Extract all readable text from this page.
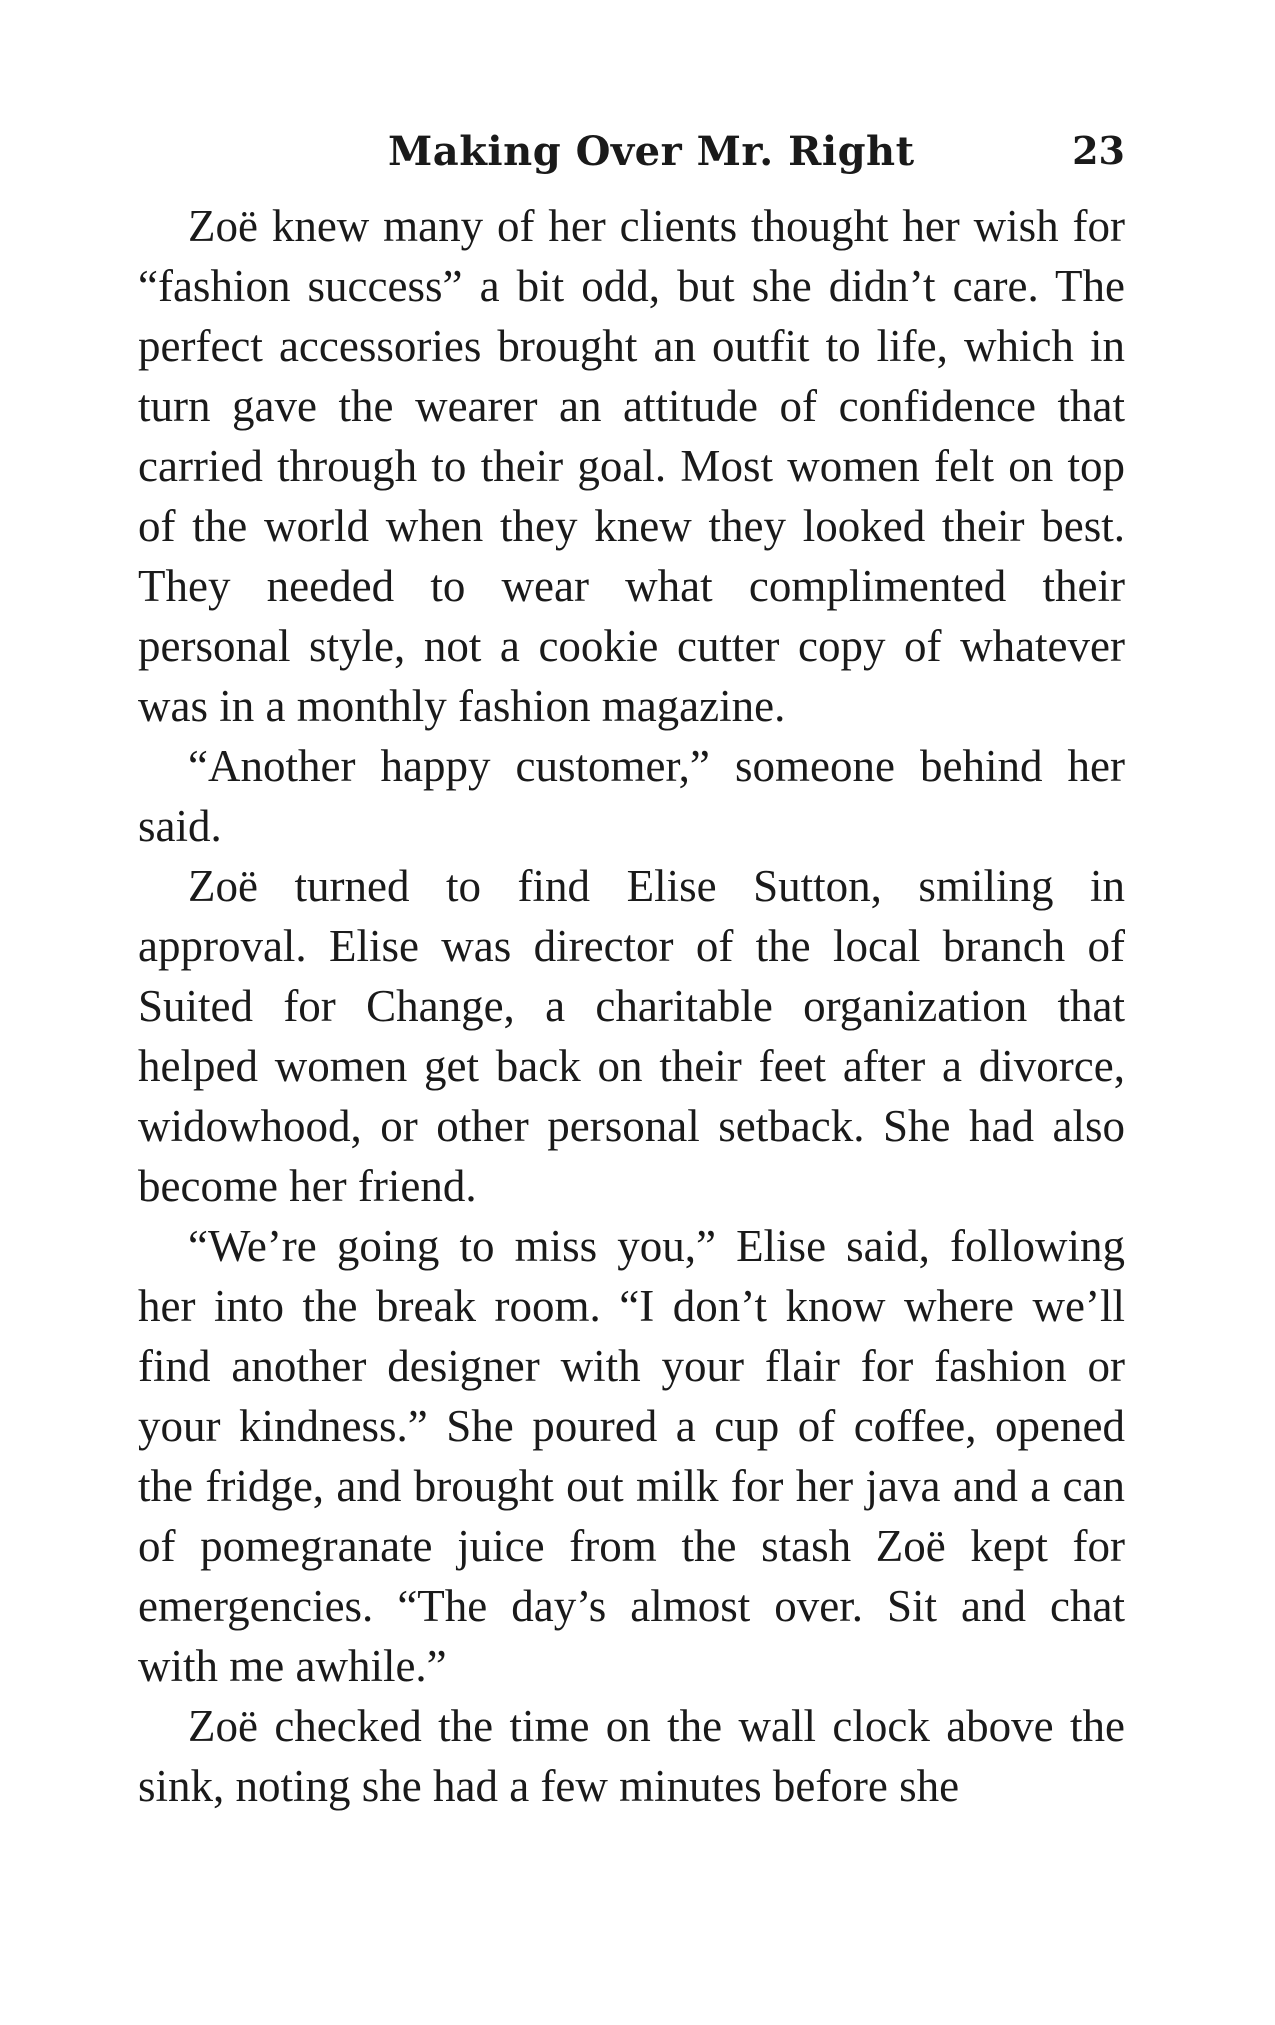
Making Over Mr. Right	23

Zoë knew many of her clients thought her wish for “fashion success” a bit odd, but she didn’t care. The perfect accessories brought an outfit to life, which in turn gave the wearer an attitude of confidence that carried through to their goal. Most women felt on top of the world when they knew they looked their best. They needed to wear what complimented their personal style, not a cookie cutter copy of whatever was in a monthly fashion magazine.

“Another happy customer,” someone behind her said.

Zoë turned to find Elise Sutton, smiling in approval. Elise was director of the local branch of Suited for Change, a charitable organization that helped women get back on their feet after a divorce, widowhood, or other personal setback. She had also become her friend.

“We’re going to miss you,” Elise said, following her into the break room. “I don’t know where we’ll find another designer with your flair for fashion or your kindness.” She poured a cup of coffee, opened the fridge, and brought out milk for her java and a can of pomegranate juice from the stash Zoë kept for emergencies. “The day’s almost over. Sit and chat with me awhile.”

Zoë checked the time on the wall clock above the sink, noting she had a few minutes before she
